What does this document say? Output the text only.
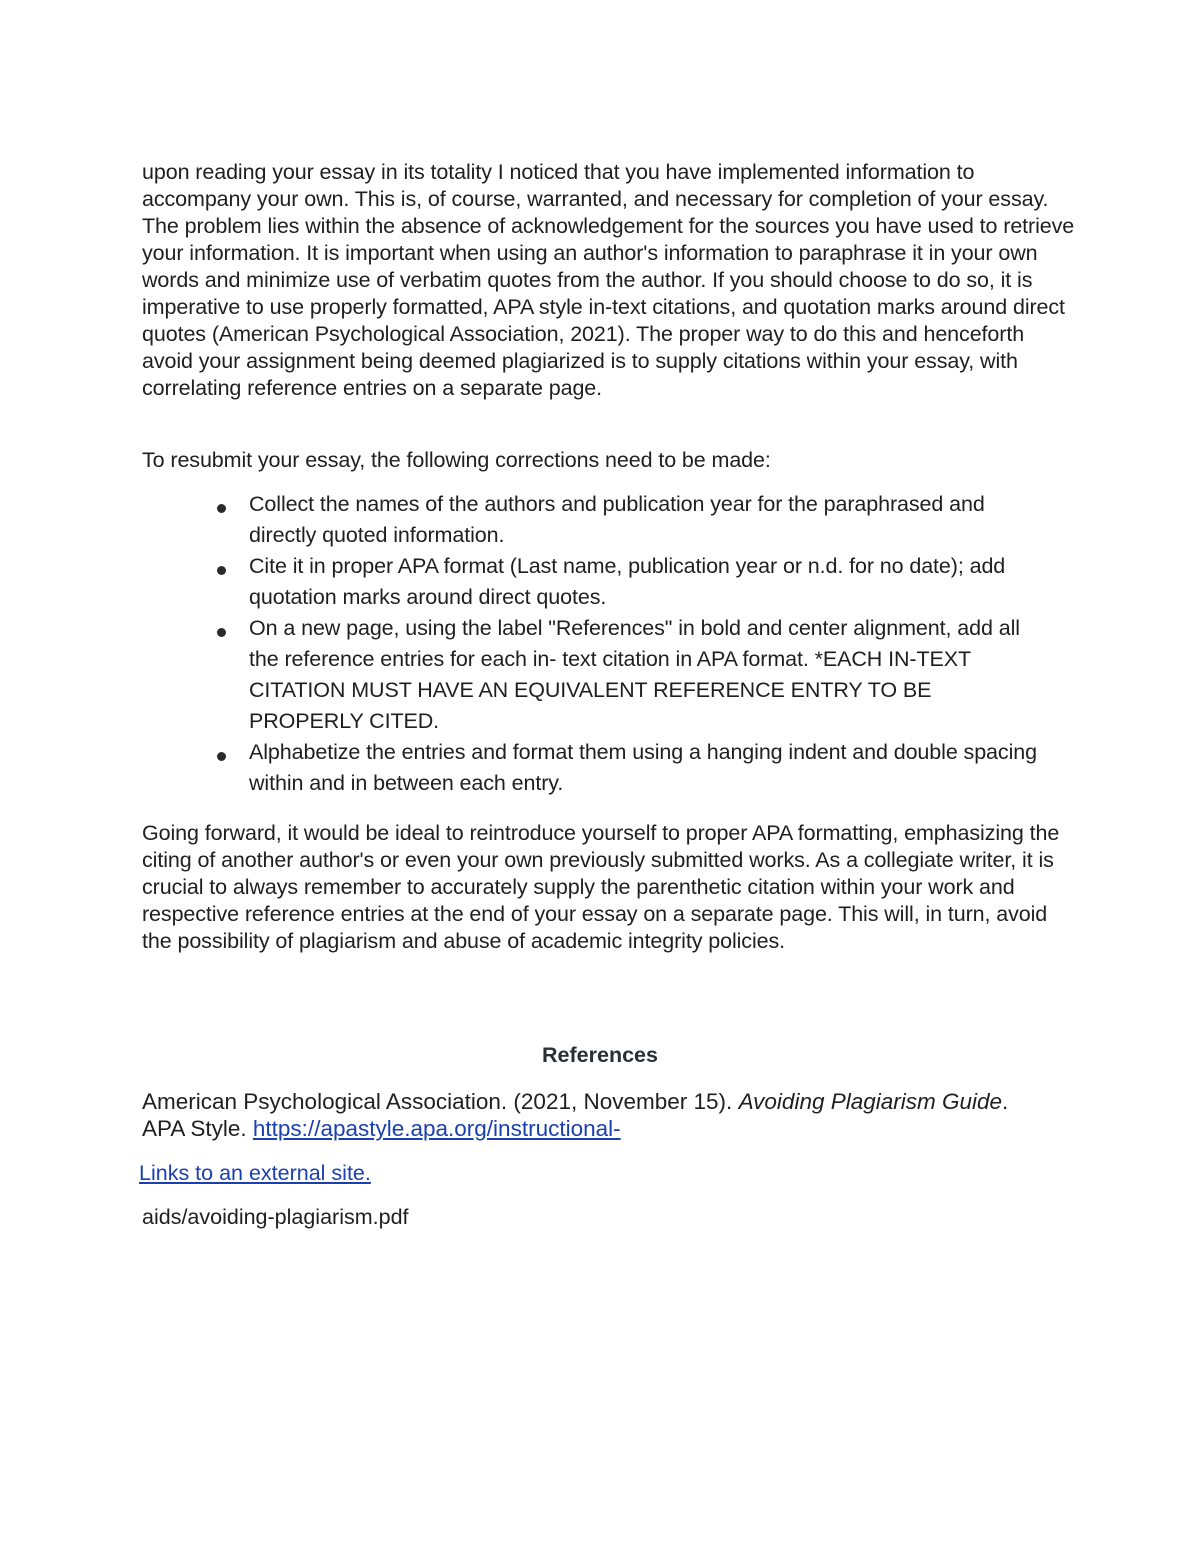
upon reading your essay in its totality I noticed that you have implemented information to accompany your own. This is, of course, warranted, and necessary for completion of your essay. The problem lies within the absence of acknowledgement for the sources you have used to retrieve your information. It is important when using an author's information to paraphrase it in your own words and minimize use of verbatim quotes from the author. If you should choose to do so, it is imperative to use properly formatted, APA style in-text citations, and quotation marks around direct quotes (American Psychological Association, 2021). The proper way to do this and henceforth avoid your assignment being deemed plagiarized is to supply citations within your essay, with correlating reference entries on a separate page.

To resubmit your essay, the following corrections need to be made:

Collect the names of the authors and publication year for the paraphrased and directly quoted information.
Cite it in proper APA format (Last name, publication year or n.d. for no date); add quotation marks around direct quotes.
On a new page, using the label "References" in bold and center alignment, add all the reference entries for each in- text citation in APA format. *EACH IN-TEXT CITATION MUST HAVE AN EQUIVALENT REFERENCE ENTRY TO BE PROPERLY CITED.
Alphabetize the entries and format them using a hanging indent and double spacing within and in between each entry.

Going forward, it would be ideal to reintroduce yourself to proper APA formatting, emphasizing the citing of another author's or even your own previously submitted works. As a collegiate writer, it is crucial to always remember to accurately supply the parenthetic citation within your work and respective reference entries at the end of your essay on a separate page. This will, in turn, avoid the possibility of plagiarism and abuse of academic integrity policies.

References

American Psychological Association. (2021, November 15). Avoiding Plagiarism Guide.
APA Style. https://apastyle.apa.org/instructional-

Links to an external site.

aids/avoiding-plagiarism.pdf
